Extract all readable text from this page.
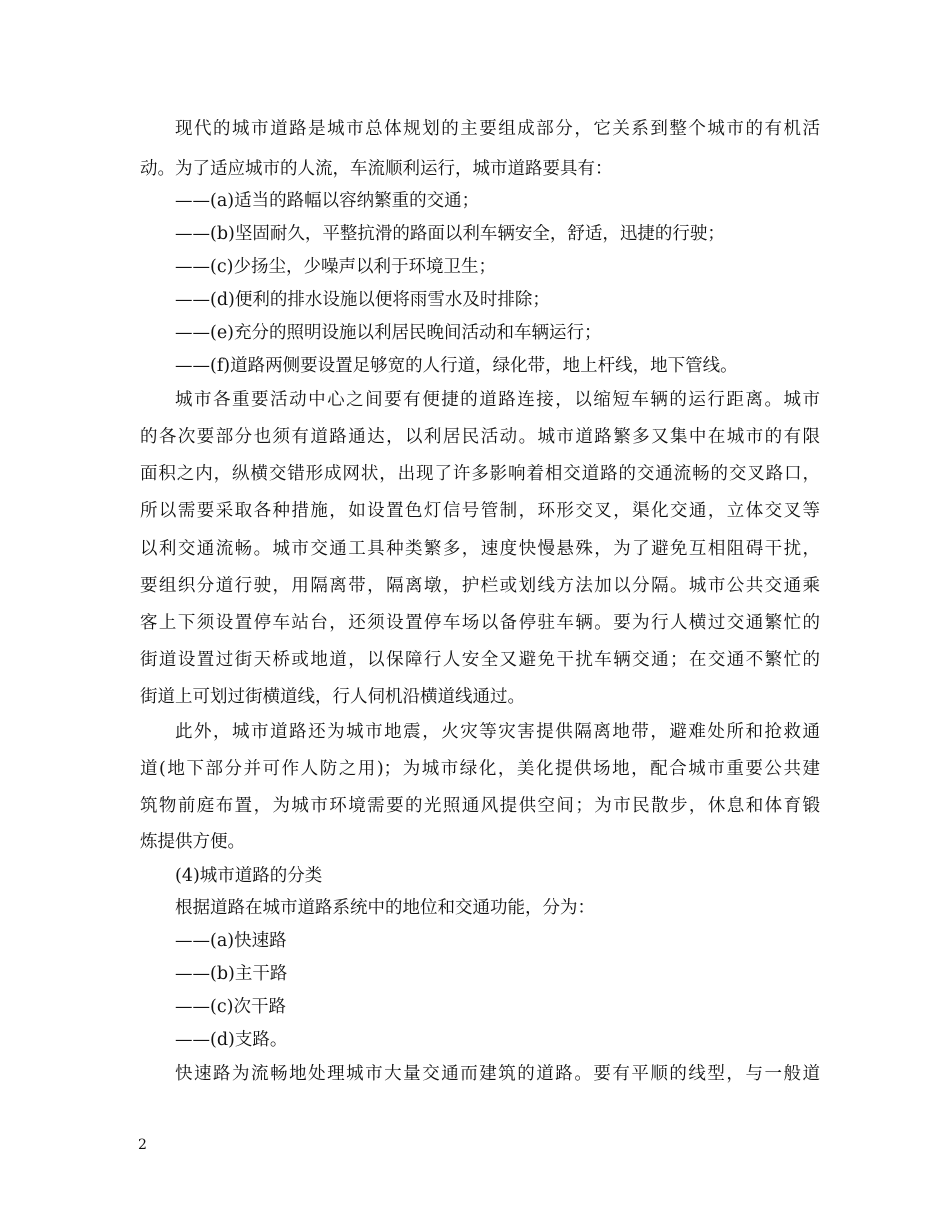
现代的城市道路是城市总体规划的主要组成部分，它关系到整个城市的有机活
动。为了适应城市的人流，车流顺利运行，城市道路要具有：
——(a)适当的路幅以容纳繁重的交通；
——(b)坚固耐久，平整抗滑的路面以利车辆安全，舒适，迅捷的行驶；
——(c)少扬尘，少噪声以利于环境卫生；
——(d)便利的排水设施以便将雨雪水及时排除；
——(e)充分的照明设施以利居民晚间活动和车辆运行；
——(f)道路两侧要设置足够宽的人行道，绿化带，地上杆线，地下管线。
城市各重要活动中心之间要有便捷的道路连接，以缩短车辆的运行距离。城市
的各次要部分也须有道路通达，以利居民活动。城市道路繁多又集中在城市的有限
面积之内，纵横交错形成网状，出现了许多影响着相交道路的交通流畅的交叉路口，
所以需要采取各种措施，如设置色灯信号管制，环形交叉，渠化交通，立体交叉等
以利交通流畅。城市交通工具种类繁多，速度快慢悬殊，为了避免互相阻碍干扰，
要组织分道行驶，用隔离带，隔离墩，护栏或划线方法加以分隔。城市公共交通乘
客上下须设置停车站台，还须设置停车场以备停驻车辆。要为行人横过交通繁忙的
街道设置过街天桥或地道，以保障行人安全又避免干扰车辆交通；在交通不繁忙的
街道上可划过街横道线，行人伺机沿横道线通过。
此外，城市道路还为城市地震，火灾等灾害提供隔离地带，避难处所和抢救通
道(地下部分并可作人防之用)；为城市绿化，美化提供场地，配合城市重要公共建
筑物前庭布置，为城市环境需要的光照通风提供空间；为市民散步，休息和体育锻
炼提供方便。
(4)城市道路的分类
根据道路在城市道路系统中的地位和交通功能，分为：
——(a)快速路
——(b)主干路
——(c)次干路
——(d)支路。
快速路为流畅地处理城市大量交通而建筑的道路。要有平顺的线型，与一般道
2
